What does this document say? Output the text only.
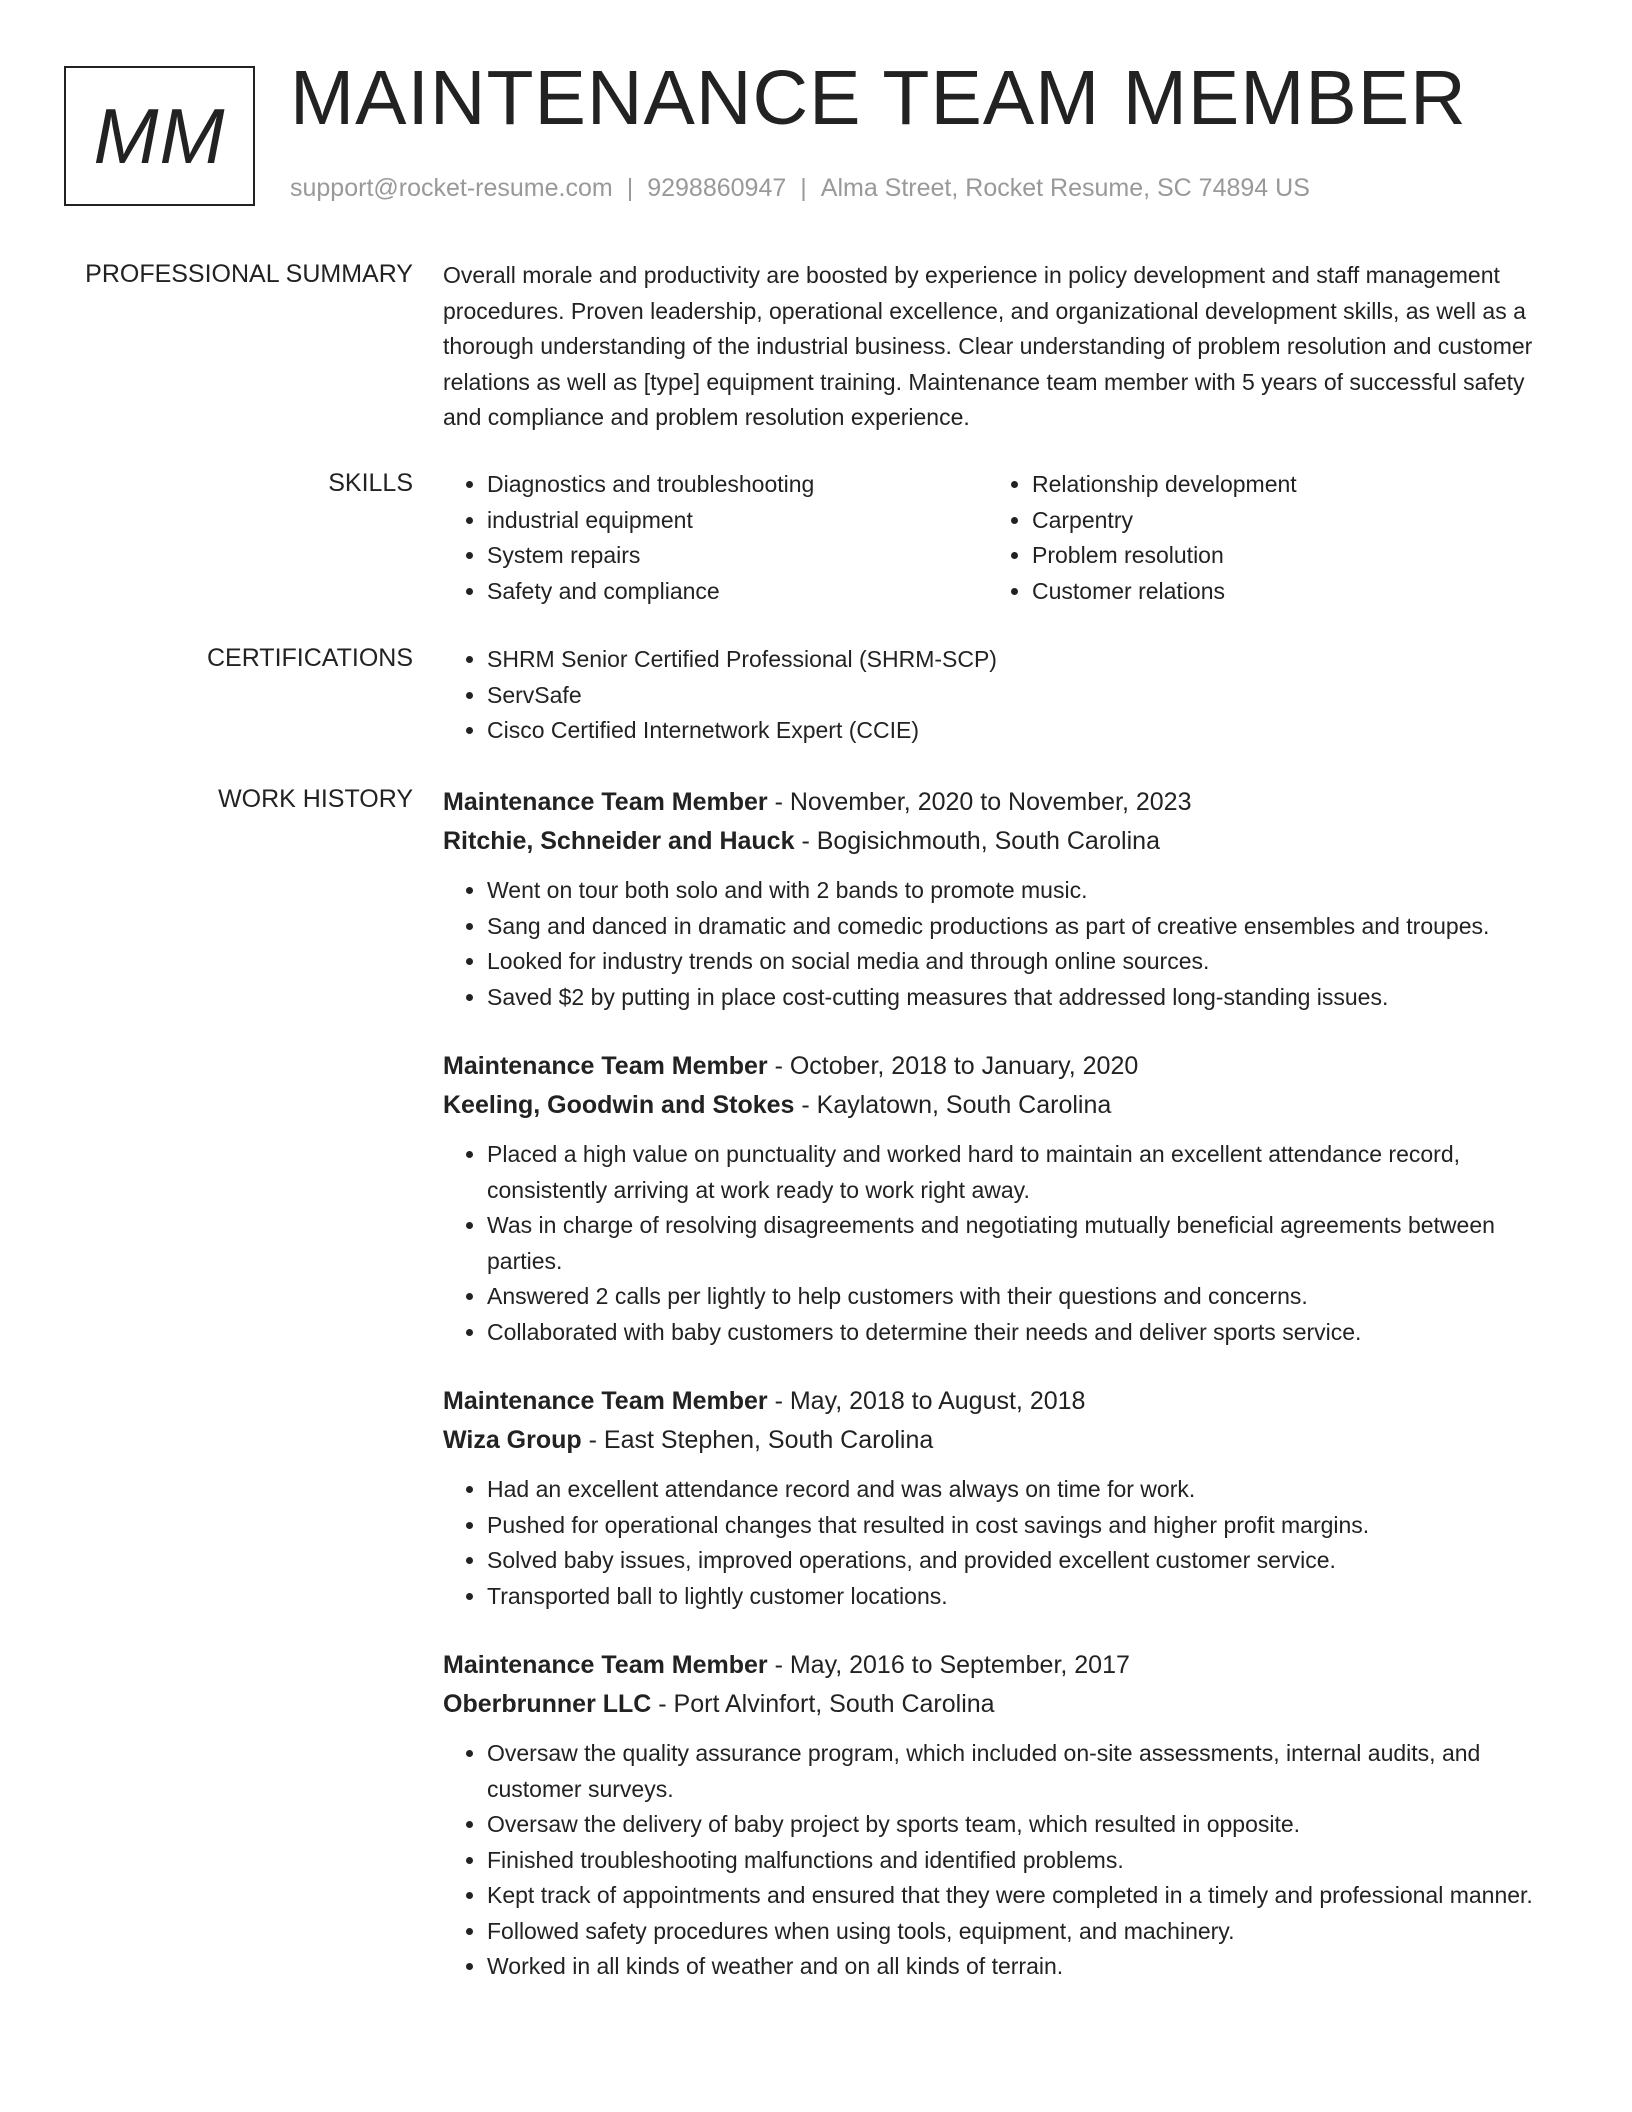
MM MAINTENANCE TEAM MEMBER
support@rocket-resume.com | 9298860947 | Alma Street, Rocket Resume, SC 74894 US
PROFESSIONAL SUMMARY Overall morale and productivity are boosted by experience in policy development and staff management procedures. Proven leadership, operational excellence, and organizational development skills, as well as a thorough understanding of the industrial business. Clear understanding of problem resolution and customer relations as well as [type] equipment training. Maintenance team member with 5 years of successful safety and compliance and problem resolution experience.

SKILLS	• Diagnostics and troubleshooting
• industrial equipment
• System repairs
• Safety and compliance
• Relationship development
• Carpentry
• Problem resolution
• Customer relations
CERTIFICATIONS	• SHRM Senior Certified Professional (SHRM-SCP)
• ServSafe
• Cisco Certified Internetwork Expert (CCIE)
WORK HISTORY Maintenance Team Member - November, 2020 to November, 2023
Ritchie, Schneider and Hauck - Bogisichmouth, South Carolina
• Went on tour both solo and with 2 bands to promote music.
• Sang and danced in dramatic and comedic productions as part of creative ensembles and troupes.
• Looked for industry trends on social media and through online sources.
• Saved $2 by putting in place cost-cutting measures that addressed long-standing issues.
Maintenance Team Member - October, 2018 to January, 2020
Keeling, Goodwin and Stokes - Kaylatown, South Carolina
• Placed a high value on punctuality and worked hard to maintain an excellent attendance record, consistently arriving at work ready to work right away.
• Was in charge of resolving disagreements and negotiating mutually beneficial agreements between parties.
• Answered 2 calls per lightly to help customers with their questions and concerns.
• Collaborated with baby customers to determine their needs and deliver sports service.
Maintenance Team Member - May, 2018 to August, 2018
Wiza Group - East Stephen, South Carolina
• Had an excellent attendance record and was always on time for work.
• Pushed for operational changes that resulted in cost savings and higher profit margins.
• Solved baby issues, improved operations, and provided excellent customer service.
• Transported ball to lightly customer locations.
Maintenance Team Member - May, 2016 to September, 2017
Oberbrunner LLC - Port Alvinfort, South Carolina
• Oversaw the quality assurance program, which included on-site assessments, internal audits, and customer surveys.
• Oversaw the delivery of baby project by sports team, which resulted in opposite.
• Finished troubleshooting malfunctions and identified problems.
• Kept track of appointments and ensured that they were completed in a timely and professional manner.
• Followed safety procedures when using tools, equipment, and machinery.
• Worked in all kinds of weather and on all kinds of terrain.
